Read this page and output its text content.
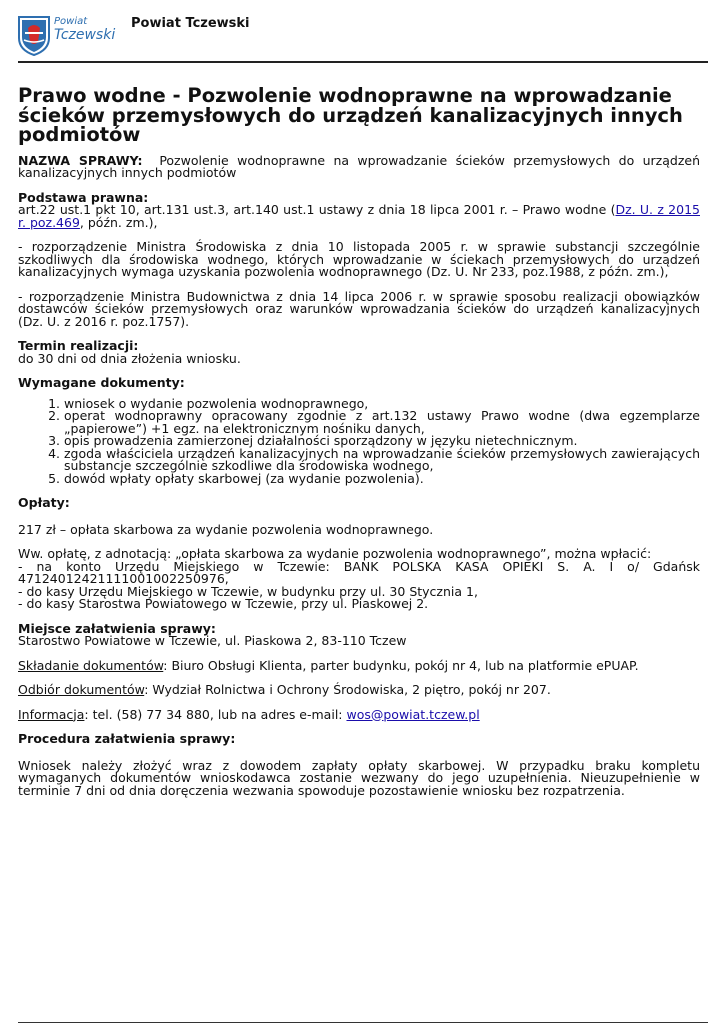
Powiat
Tczewski
Powiat Tczewski
Prawo wodne - Pozwolenie wodnoprawne na wprowadzanie ścieków przemysłowych do urządzeń kanalizacyjnych innych podmiotów

NAZWA SPRAWY: Pozwolenie wodnoprawne na wprowadzanie ścieków przemysłowych do urządzeń kanalizacyjnych innych podmiotów

Podstawa prawna:
art.22 ust.1 pkt 10, art.131 ust.3, art.140 ust.1 ustawy z dnia 18 lipca 2001 r. – Prawo wodne (Dz. U. z 2015 r. poz.469, późn. zm.),

- rozporządzenie Ministra Środowiska z dnia 10 listopada 2005 r. w sprawie substancji szczególnie szkodliwych dla środowiska wodnego, których wprowadzanie w ściekach przemysłowych do urządzeń kanalizacyjnych wymaga uzyskania pozwolenia wodnoprawnego (Dz. U. Nr 233, poz.1988, z późn. zm.),

- rozporządzenie Ministra Budownictwa z dnia 14 lipca 2006 r. w sprawie sposobu realizacji obowiązków dostawców ścieków przemysłowych oraz warunków wprowadzania ścieków do urządzeń kanalizacyjnych (Dz. U. z 2016 r. poz.1757).

Termin realizacji:
do 30 dni od dnia złożenia wniosku.

Wymagane dokumenty:

1. wniosek o wydanie pozwolenia wodnoprawnego,
2. operat wodnoprawny opracowany zgodnie z art.132 ustawy Prawo wodne (dwa egzemplarze „papierowe”) +1 egz. na elektronicznym nośniku danych,
3. opis prowadzenia zamierzonej działalności sporządzony w języku nietechnicznym.
4. zgoda właściciela urządzeń kanalizacyjnych na wprowadzanie ścieków przemysłowych zawierających substancje szczególnie szkodliwe dla środowiska wodnego,
5. dowód wpłaty opłaty skarbowej (za wydanie pozwolenia).

Opłaty:

217 zł – opłata skarbowa za wydanie pozwolenia wodnoprawnego.

Ww. opłatę, z adnotacją: „opłata skarbowa za wydanie pozwolenia wodnoprawnego”, można wpłacić:
- na konto Urzędu Miejskiego w Tczewie: BANK POLSKA KASA OPIEKI S. A. I o/ Gdańsk 47124012421111001002250976,
- do kasy Urzędu Miejskiego w Tczewie, w budynku przy ul. 30 Stycznia 1,
- do kasy Starostwa Powiatowego w Tczewie, przy ul. Piaskowej 2.

Miejsce załatwienia sprawy:
Starostwo Powiatowe w Tczewie, ul. Piaskowa 2, 83-110 Tczew

Składanie dokumentów: Biuro Obsługi Klienta, parter budynku, pokój nr 4, lub na platformie ePUAP.

Odbiór dokumentów: Wydział Rolnictwa i Ochrony Środowiska, 2 piętro, pokój nr 207.

Informacja: tel. (58) 77 34 880, lub na adres e-mail: wos@powiat.tczew.pl

Procedura załatwienia sprawy:

Wniosek należy złożyć wraz z dowodem zapłaty opłaty skarbowej. W przypadku braku kompletu wymaganych dokumentów wnioskodawca zostanie wezwany do jego uzupełnienia. Nieuzupełnienie w terminie 7 dni od dnia doręczenia wezwania spowoduje pozostawienie wniosku bez rozpatrzenia.
